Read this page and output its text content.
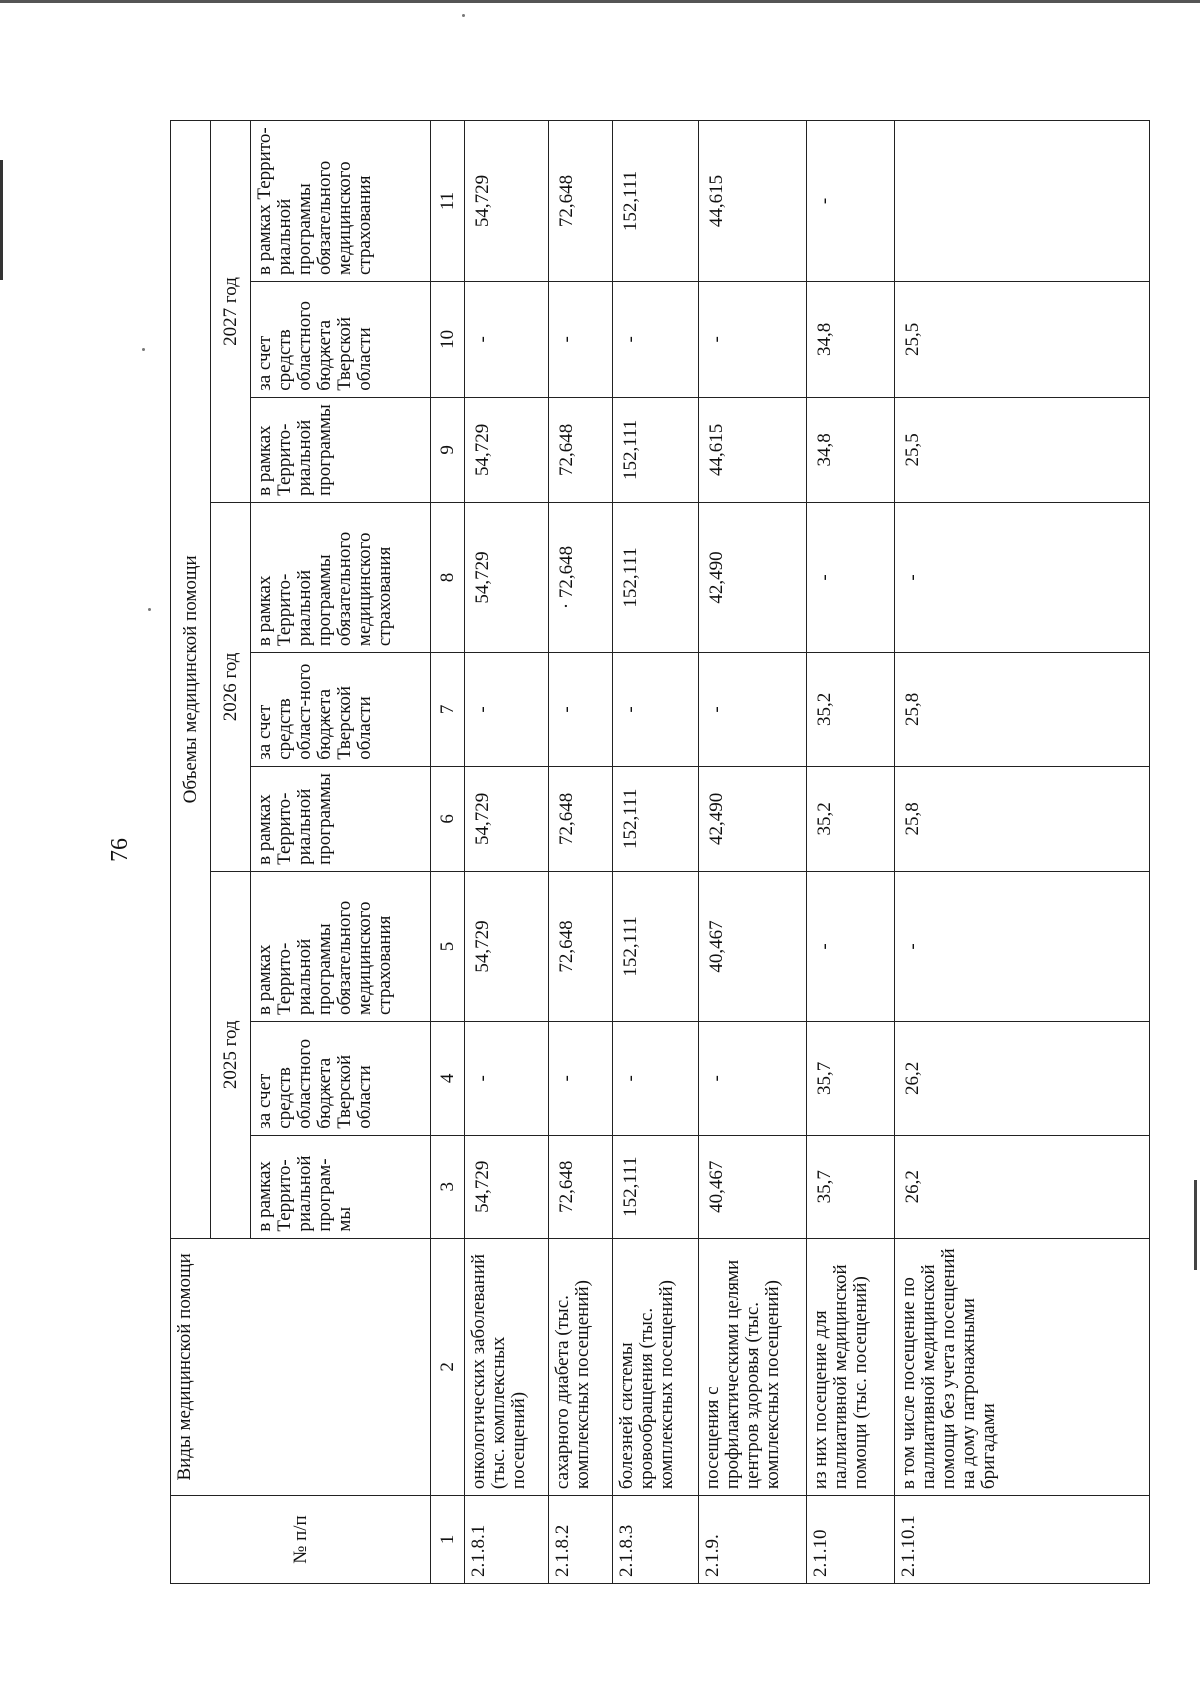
76
№ п/п	Виды медицинской помощи	Объемы медицинской помощи								
		2025 год			2026 год			2027 год		
		в рамках Террито-риальной програм-мы	за счет средств областного бюджета Тверской области	в рамках Террито-риальной программы обязательного медицинского страхования	в рамках Террито-риальной программы	за счет средств област-ного бюджета Тверской области	в рамках Террито-риальной программы обязательного медицинского страхования	в рамках Террито-риальной программы	за счет средств областного бюджета Тверской области	в рамках Террито-риальной программы обязательного медицинского страхования
1	2	3	4	5	6	7	8	9	10	11
2.1.8.1	онкологических заболеваний (тыс. комплексных посещений)	54,729	-	54,729	54,729	-	54,729	54,729	-	54,729
2.1.8.2	сахарного диабета (тыс. комплексных посещений)	72,648	-	72,648	72,648	-	· 72,648	72,648	-	72,648
2.1.8.3	болезней системы кровообращения (тыс. комплексных посещений)	152,111	-	152,111	152,111	-	152,111	152,111	-	152,111
2.1.9.	посещения с профилактическими целями центров здоровья (тыс. комплексных посещений)	40,467	-	40,467	42,490	-	42,490	44,615	-	44,615
2.1.10	из них посещение для паллиативной медицинской помощи (тыс. посещений)	35,7	35,7	-	35,2	35,2	-	34,8	34,8	-
2.1.10.1	в том числе посещение по паллиативной медицинской помощи без учета посещений на дому патронажными бригадами	26,2	26,2	-	25,8	25,8	-	25,5	25,5	
